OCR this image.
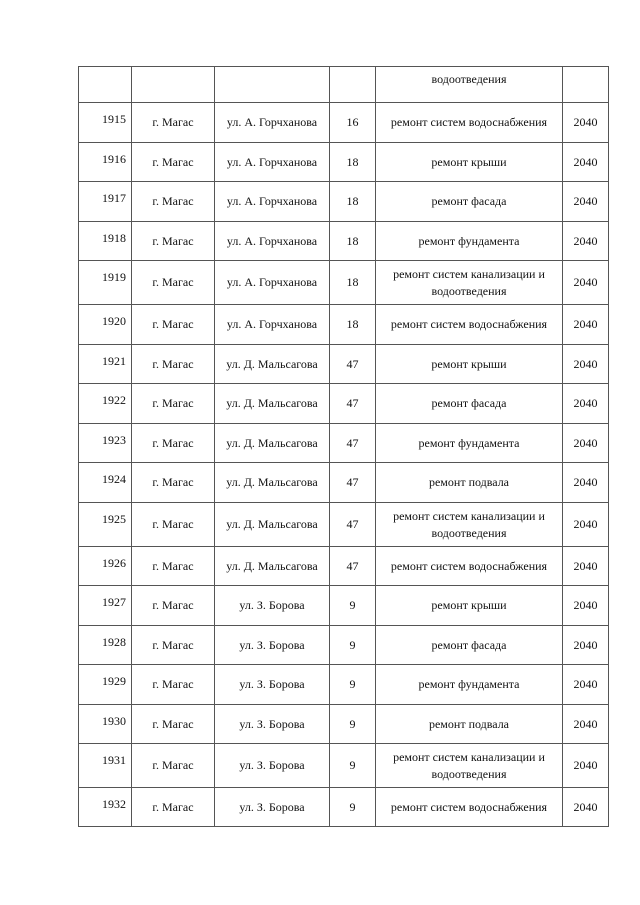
				водоотведения	
1915	г. Магас	ул. А. Горчханова	16	ремонт систем водоснабжения	2040
1916	г. Магас	ул. А. Горчханова	18	ремонт крыши	2040
1917	г. Магас	ул. А. Горчханова	18	ремонт фасада	2040
1918	г. Магас	ул. А. Горчханова	18	ремонт фундамента	2040
1919	г. Магас	ул. А. Горчханова	18	ремонт систем канализации и водоотведения	2040
1920	г. Магас	ул. А. Горчханова	18	ремонт систем водоснабжения	2040
1921	г. Магас	ул. Д. Мальсагова	47	ремонт крыши	2040
1922	г. Магас	ул. Д. Мальсагова	47	ремонт фасада	2040
1923	г. Магас	ул. Д. Мальсагова	47	ремонт фундамента	2040
1924	г. Магас	ул. Д. Мальсагова	47	ремонт подвала	2040
1925	г. Магас	ул. Д. Мальсагова	47	ремонт систем канализации и водоотведения	2040
1926	г. Магас	ул. Д. Мальсагова	47	ремонт систем водоснабжения	2040
1927	г. Магас	ул. З. Борова	9	ремонт крыши	2040
1928	г. Магас	ул. З. Борова	9	ремонт фасада	2040
1929	г. Магас	ул. З. Борова	9	ремонт фундамента	2040
1930	г. Магас	ул. З. Борова	9	ремонт подвала	2040
1931	г. Магас	ул. З. Борова	9	ремонт систем канализации и водоотведения	2040
1932	г. Магас	ул. З. Борова	9	ремонт систем водоснабжения	2040
